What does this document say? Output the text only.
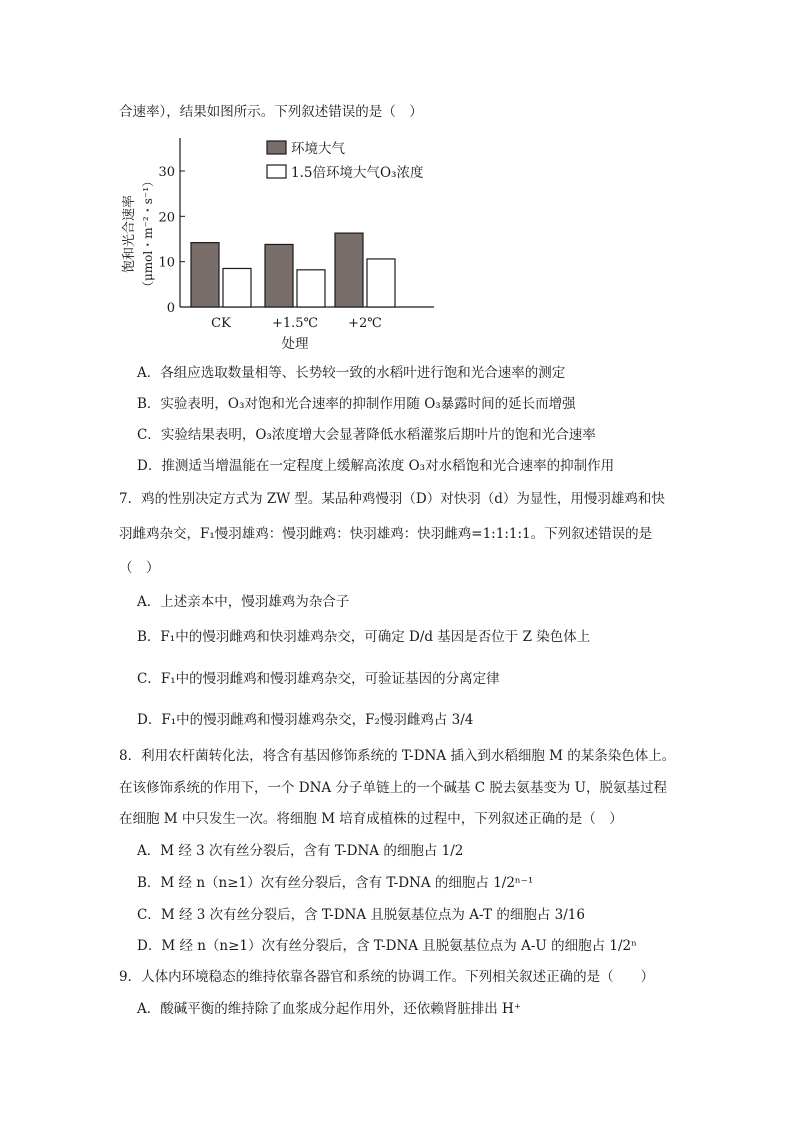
合速率），结果如图所示。下列叙述错误的是（　）
0
10
20
30
饱和光合速率 （μmol・m⁻²・s⁻¹）
CK	+1.5℃ +2℃
处理
环境大气
1.5倍环境大气O₃浓度
A．各组应选取数量相等、长势较一致的水稻叶进行饱和光合速率的测定
B．实验表明，O₃对饱和光合速率的抑制作用随 O₃暴露时间的延长而增强
C．实验结果表明，O₃浓度增大会显著降低水稻灌浆后期叶片的饱和光合速率
D．推测适当增温能在一定程度上缓解高浓度 O₃对水稻饱和光合速率的抑制作用
7．鸡的性别决定方式为 ZW 型。某品种鸡慢羽（D）对快羽（d）为显性，用慢羽雄鸡和快
羽雌鸡杂交，F₁慢羽雄鸡：慢羽雌鸡：快羽雄鸡：快羽雌鸡=1:1:1:1。下列叙述错误的是
（　）
A．上述亲本中，慢羽雄鸡为杂合子
B．F₁中的慢羽雌鸡和快羽雄鸡杂交，可确定 D/d 基因是否位于 Z 染色体上
C．F₁中的慢羽雌鸡和慢羽雄鸡杂交，可验证基因的分离定律
D．F₁中的慢羽雌鸡和慢羽雄鸡杂交，F₂慢羽雌鸡占 3/4
8．利用农杆菌转化法，将含有基因修饰系统的 T-DNA 插入到水稻细胞 M 的某条染色体上。
在该修饰系统的作用下，一个 DNA 分子单链上的一个碱基 C 脱去氨基变为 U，脱氨基过程
在细胞 M 中只发生一次。将细胞 M 培育成植株的过程中，下列叙述正确的是（　）
A．M 经 3 次有丝分裂后，含有 T-DNA 的细胞占 1/2
B．M 经 n（n≥1）次有丝分裂后，含有 T-DNA 的细胞占 1/2ⁿ⁻¹
C．M 经 3 次有丝分裂后，含 T-DNA 且脱氨基位点为 A-T 的细胞占 3/16
D．M 经 n（n≥1）次有丝分裂后，含 T-DNA 且脱氨基位点为 A-U 的细胞占 1/2ⁿ
9．人体内环境稳态的维持依靠各器官和系统的协调工作。下列相关叙述正确的是（　　）
A．酸碱平衡的维持除了血浆成分起作用外，还依赖肾脏排出 H⁺
